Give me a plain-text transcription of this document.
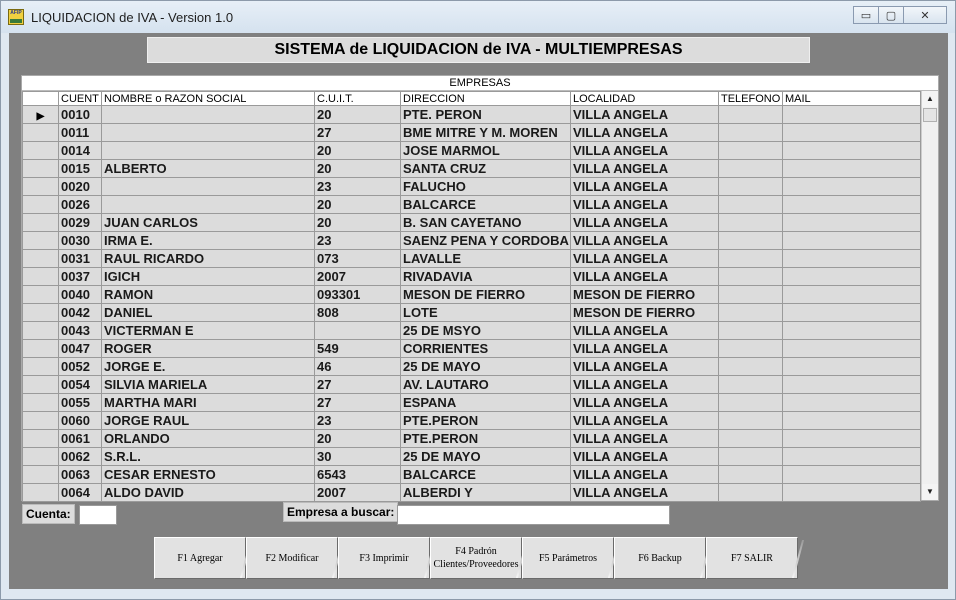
AFIP LIQUIDACION de IVA - Version 1.0	▭	▢	✕
SISTEMA de LIQUIDACION de IVA - MULTIEMPRESAS
EMPRESAS
	CUENT	NOMBRE o RAZON SOCIAL	C.U.I.T.	DIRECCION	LOCALIDAD	TELEFONO	MAIL
▶	0010		20	PTE. PERON	VILLA ANGELA		
	0011		27	BME MITRE Y M. MOREN	VILLA ANGELA		
	0014		20	JOSE MARMOL	VILLA ANGELA		
	0015	ALBERTO	20	SANTA CRUZ	VILLA ANGELA		
	0020		23	FALUCHO	VILLA ANGELA		
	0026		20	BALCARCE	VILLA ANGELA		
	0029	JUAN CARLOS	20	B. SAN CAYETANO	VILLA ANGELA		
	0030	IRMA E.	23	SAENZ PENA Y CORDOBA	VILLA ANGELA		
	0031	RAUL RICARDO	073	LAVALLE	VILLA ANGELA		
	0037	IGICH	2007	RIVADAVIA	VILLA ANGELA		
	0040	RAMON	093301	MESON DE FIERRO	MESON DE FIERRO		
	0042	DANIEL	808	LOTE	MESON DE FIERRO		
	0043	VICTERMAN E		25 DE MSYO	VILLA ANGELA		
	0047	ROGER	549	CORRIENTES	VILLA ANGELA		
	0052	JORGE E.	46	25 DE MAYO	VILLA ANGELA		
	0054	SILVIA MARIELA	27	AV. LAUTARO	VILLA ANGELA		
	0055	MARTHA MARI	27	ESPANA	VILLA ANGELA		
	0060	JORGE RAUL	23	PTE.PERON	VILLA ANGELA		
	0061	ORLANDO	20	PTE.PERON	VILLA ANGELA		
	0062	S.R.L.	30	25 DE MAYO	VILLA ANGELA		
	0063	CESAR ERNESTO	6543	BALCARCE	VILLA ANGELA		
	0064	ALDO DAVID	2007	ALBERDI Y	VILLA ANGELA		
▲
▼
Cuenta:	Empresa a buscar:
F1 Agregar	F2 Modificar	F3 Imprimir
F4 Padrón Clientes/Proveedores
F5 Parámetros	F6 Backup	F7 SALIR
